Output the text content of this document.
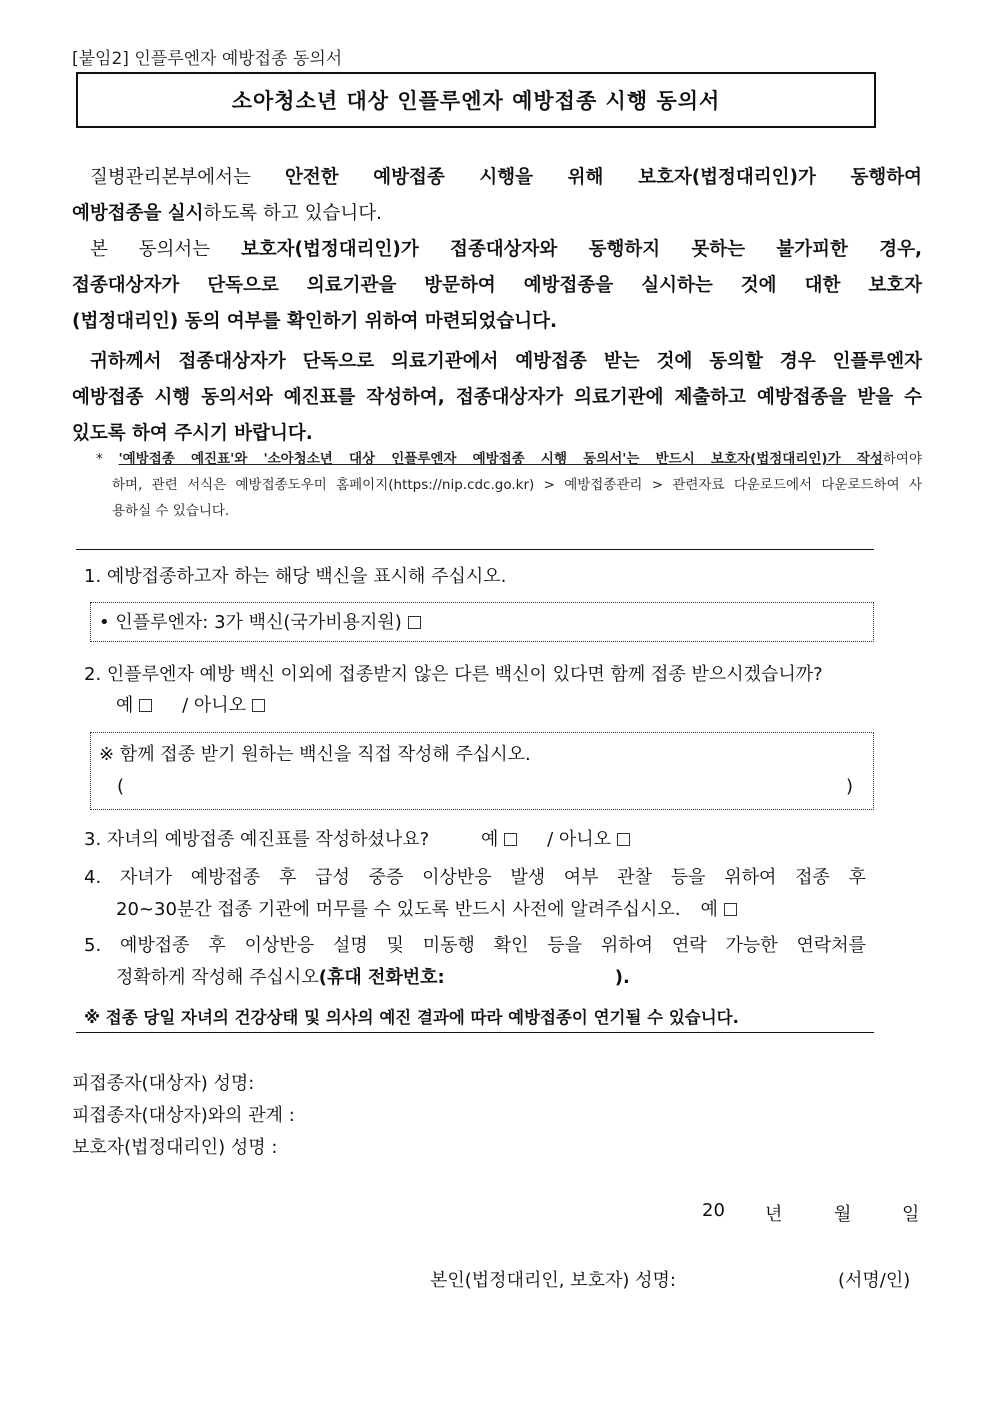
[붙임2] 인플루엔자 예방접종 동의서
소아청소년 대상 인플루엔자 예방접종 시행 동의서
질병관리본부에서는 안전한 예방접종 시행을 위해 보호자(법정대리인)가 동행하여
예방접종을 실시하도록 하고 있습니다.
본 동의서는 보호자(법정대리인)가 접종대상자와 동행하지 못하는 불가피한 경우,
접종대상자가 단독으로 의료기관을 방문하여 예방접종을 실시하는 것에 대한 보호자
(법정대리인) 동의 여부를 확인하기 위하여 마련되었습니다.
귀하께서 접종대상자가 단독으로 의료기관에서 예방접종 받는 것에 동의할 경우 인플루엔자
예방접종 시행 동의서와 예진표를 작성하여, 접종대상자가 의료기관에 제출하고 예방접종을 받을 수
있도록 하여 주시기 바랍니다.
* '예방접종 예진표'와 '소아청소년 대상 인플루엔자 예방접종 시행 동의서'는 반드시 보호자(법정대리인)가 작성하여야
하며, 관련 서식은 예방접종도우미 홈페이지(https://nip.cdc.go.kr) > 예방접종관리 > 관련자료 다운로드에서 다운로드하여 사
용하실 수 있습니다.
1. 예방접종하고자 하는 해당 백신을 표시해 주십시오.
• 인플루엔자: 3가 백신(국가비용지원)
2. 인플루엔자 예방 백신 이외에 접종받지 않은 다른 백신이 있다면 함께 접종 받으시겠습니까?
예	/ 아니오
※ 함께 접종 받기 원하는 백신을 직접 작성해 주십시오.
(	)
3. 자녀의 예방접종 예진표를 작성하셨나요?	예	/ 아니오
4. 자녀가 예방접종 후 급성 중증 이상반응 발생 여부 관찰 등을 위하여 접종 후
20~30분간 접종 기관에 머무를 수 있도록 반드시 사전에 알려주십시오. 예
5. 예방접종 후 이상반응 설명 및 미동행 확인 등을 위하여 연락 가능한 연락처를
정확하게 작성해 주십시오(휴대 전화번호:	).
※ 접종 당일 자녀의 건강상태 및 의사의 예진 결과에 따라 예방접종이 연기될 수 있습니다.
피접종자(대상자) 성명:
피접종자(대상자)와의 관계 :
보호자(법정대리인) 성명 :
20 년	월	일
본인(법정대리인, 보호자) 성명:	(서명/인)
